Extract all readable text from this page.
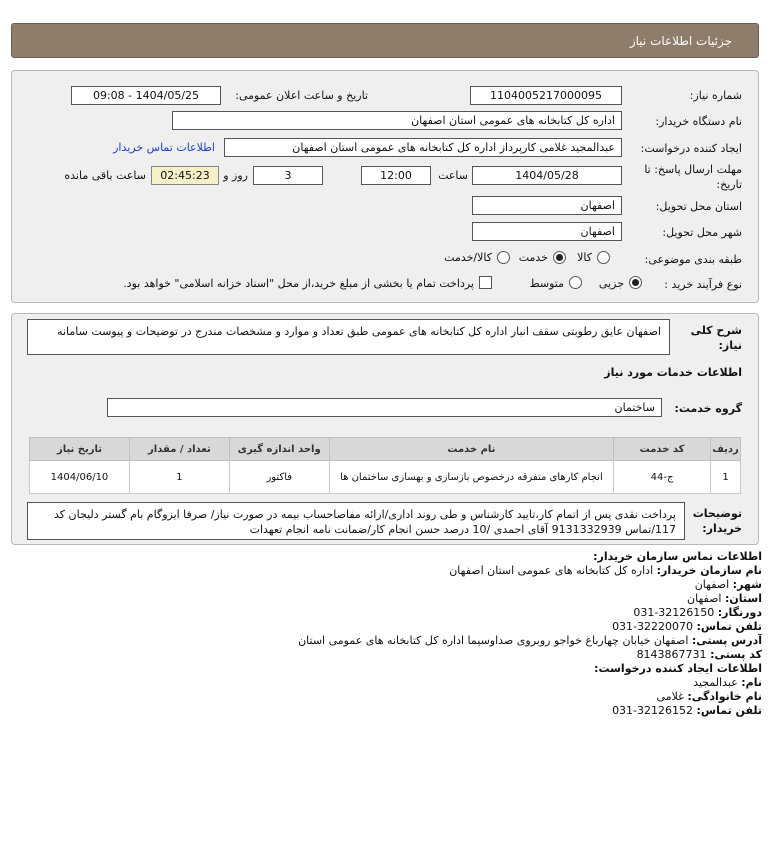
جزئیات اطلاعات نیاز
شماره نیاز:
1104005217000095
تاریخ و ساعت اعلان عمومی:
1404/05/25 - 09:08
نام دستگاه خریدار:
اداره کل کتابخانه های عمومی استان اصفهان
ایجاد کننده درخواست:
عبدالمجید غلامی کارپرداز اداره کل کتابخانه های عمومی استان اصفهان
اطلاعات تماس خریدار
مهلت ارسال پاسخ: تا
تاریخ:
1404/05/28
ساعت
12:00
3
روز و
02:45:23
ساعت باقی مانده
استان محل تحویل:
اصفهان
شهر محل تحویل:
اصفهان
طبقه بندی موضوعی:
کالا
خدمت
کالا/خدمت
نوع فرآیند خرید :
جزیی
متوسط
پرداخت تمام یا بخشی از مبلغ خرید،از محل "اسناد خزانه اسلامی" خواهد بود.
شرح کلی
نیاز:
اصفهان عایق رطوبتی سقف انبار اداره کل کتابخانه های عمومی طبق تعداد و موارد و مشخصات مندرج در توضیحات و پیوست سامانه
اطلاعات خدمات مورد نیاز
گروه خدمت:
ساختمان
ردیف	کد خدمت	نام خدمت	واحد اندازه گیری	تعداد / مقدار	تاریخ نیاز
1	ج-44	انجام کارهای متفرقه درخصوص بازسازی و بهسازی ساختمان ها	فاکتور	1	1404/06/10
توضیحات
خریدار:
پرداخت نقدی پس از اتمام کار،تایید کارشناس و طی روند اداری/ارائه مفاصاحساب بیمه در صورت نیاز/ صرفا ایزوگام بام گستر دلیجان کد 117/تماس 9131332939 آقای احمدی /10 درصد حسن انجام کار/ضمانت نامه انجام تعهدات
اطلاعات تماس سازمان خریدار:
نام سازمان خریدار: اداره کل کتابخانه های عمومی استان اصفهان
شهر: اصفهان
استان: اصفهان
دورنگار: 031-32126150
تلفن تماس: 031-32220070
آدرس پستی: اصفهان خیابان چهارباغ خواجو روبروی صداوسیما اداره کل کتابخانه های عمومی استان
کد پستی: 8143867731
اطلاعات ایجاد کننده درخواست:
نام: عبدالمجید
نام خانوادگی: غلامی
تلفن تماس: 031-32126152
